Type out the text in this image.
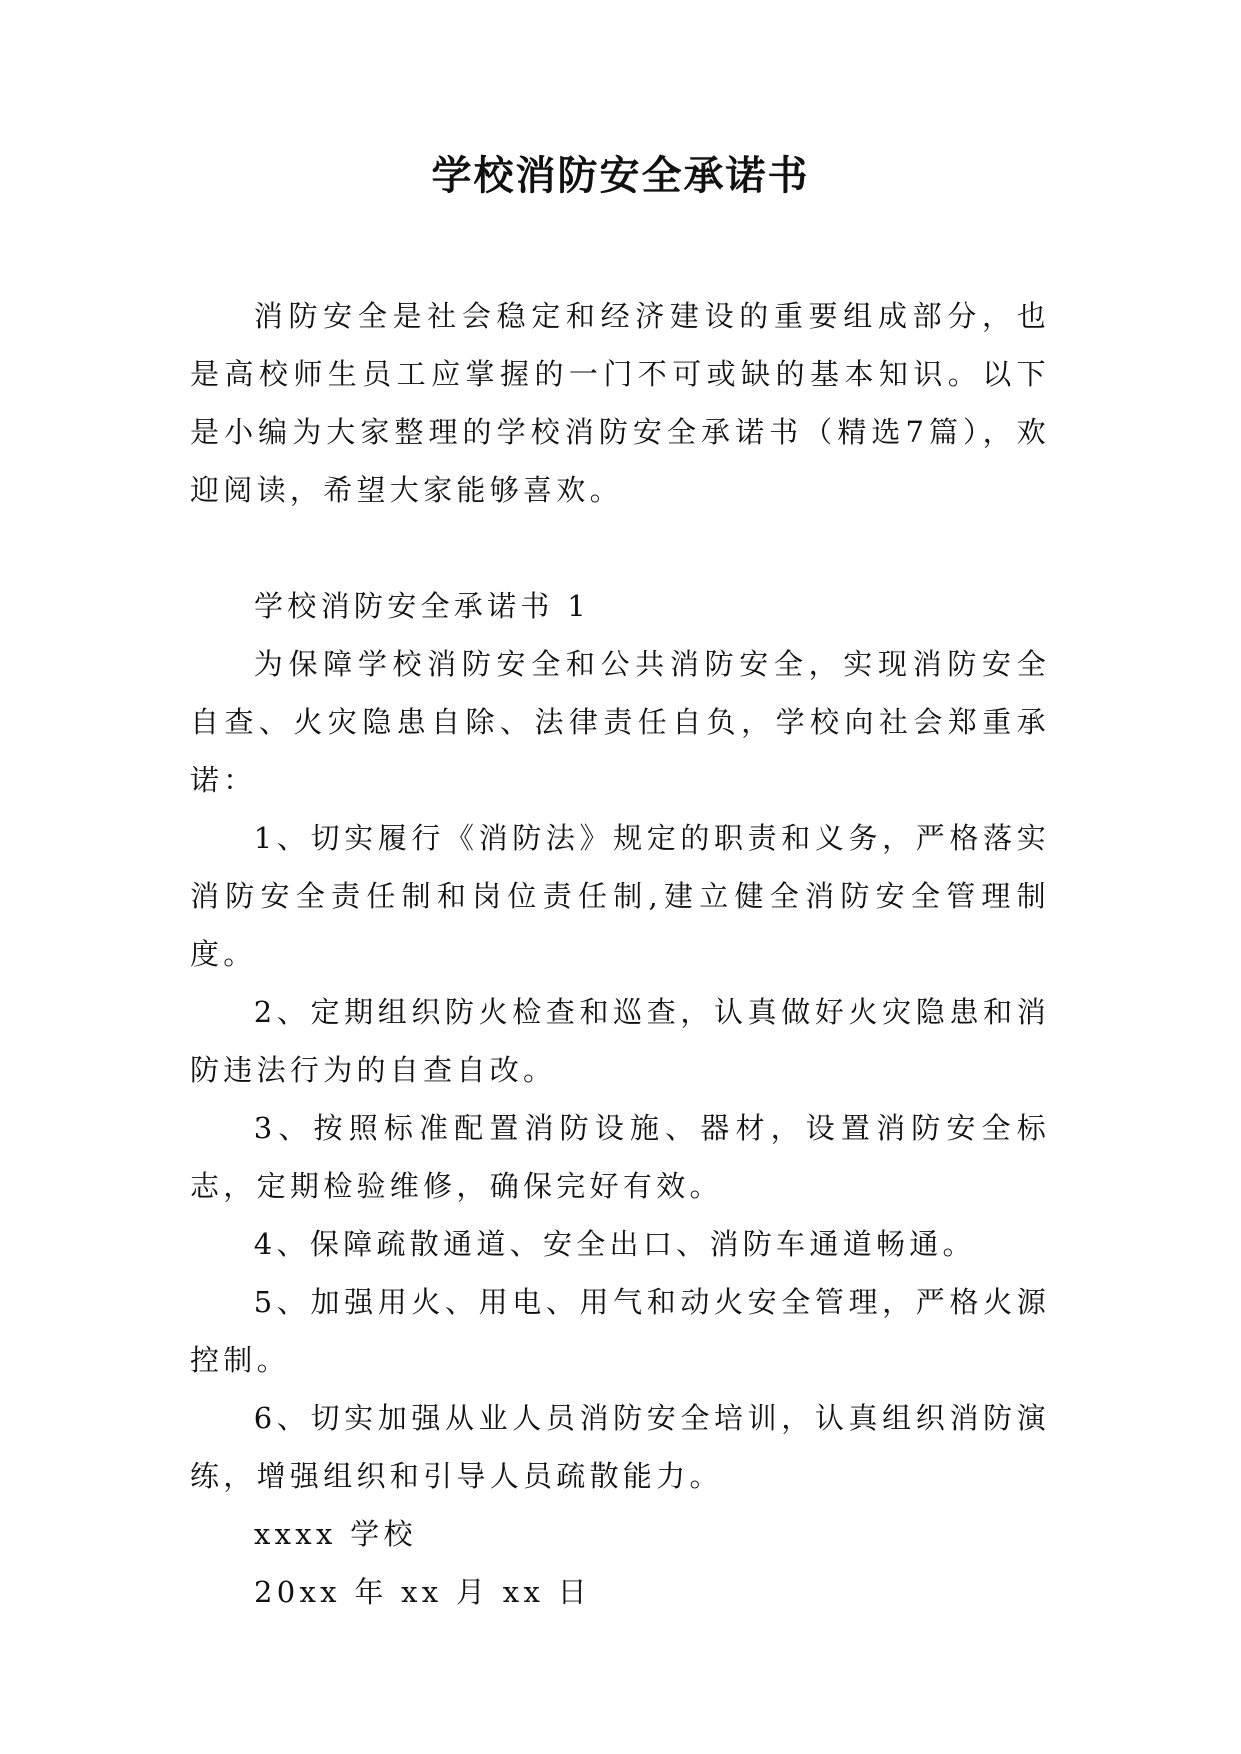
学校消防安全承诺书

消防安全是社会稳定和经济建设的重要组成部分，也是高校师生员工应掌握的一门不可或缺的基本知识。以下是小编为大家整理的学校消防安全承诺书（精选7篇），欢迎阅读，希望大家能够喜欢。

学校消防安全承诺书 1

为保障学校消防安全和公共消防安全，实现消防安全自查、火灾隐患自除、法律责任自负，学校向社会郑重承诺：

1、切实履行《消防法》规定的职责和义务，严格落实消防安全责任制和岗位责任制,建立健全消防安全管理制度。

2、定期组织防火检查和巡查，认真做好火灾隐患和消防违法行为的自查自改。

3、按照标准配置消防设施、器材，设置消防安全标志，定期检验维修，确保完好有效。

4、保障疏散通道、安全出口、消防车通道畅通。

5、加强用火、用电、用气和动火安全管理，严格火源控制。

6、切实加强从业人员消防安全培训，认真组织消防演练，增强组织和引导人员疏散能力。

xxxx 学校

20xx 年 xx 月 xx 日
